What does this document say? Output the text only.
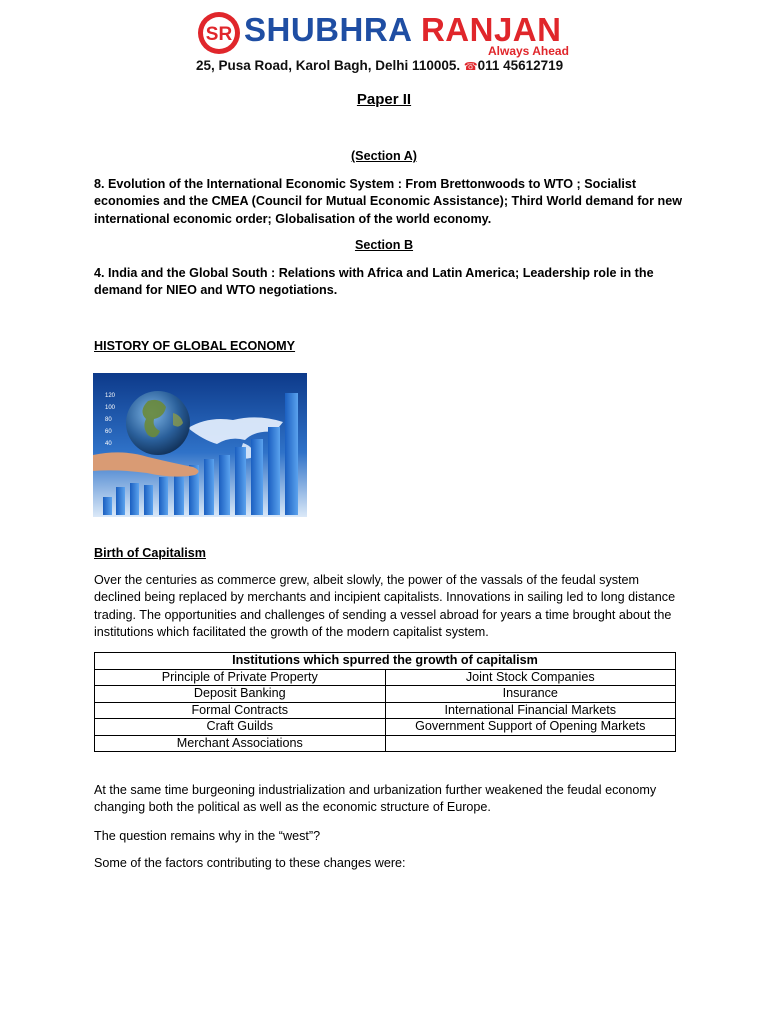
SR SHUBHRA RANJAN
Always Ahead
25, Pusa Road, Karol Bagh, Delhi 110005. ☎011 45612719
Paper II
(Section A)
8. Evolution of the International Economic System : From Brettonwoods to WTO ; Socialist economies and the CMEA (Council for Mutual Economic Assistance); Third World demand for new international economic order; Globalisation of the world economy.
Section B
4. India and the Global South : Relations with Africa and Latin America; Leadership role in the demand for NIEO and WTO negotiations.
HISTORY OF GLOBAL ECONOMY
120
100
80
60
40
Birth of Capitalism
Over the centuries as commerce grew, albeit slowly, the power of the vassals of the feudal system declined being replaced by merchants and incipient capitalists. Innovations in sailing led to long distance trading. The opportunities and challenges of sending a vessel abroad for years a time brought about the institutions which facilitated the growth of the modern capitalist system.
Institutions which spurred the growth of capitalism	
Principle of Private Property	Joint Stock Companies
Deposit Banking	Insurance
Formal Contracts	International Financial Markets
Craft Guilds	Government Support of Opening Markets
Merchant Associations	
At the same time burgeoning industrialization and urbanization further weakened the feudal economy changing both the political as well as the economic structure of Europe.
The question remains why in the “west”?
Some of the factors contributing to these changes were:
